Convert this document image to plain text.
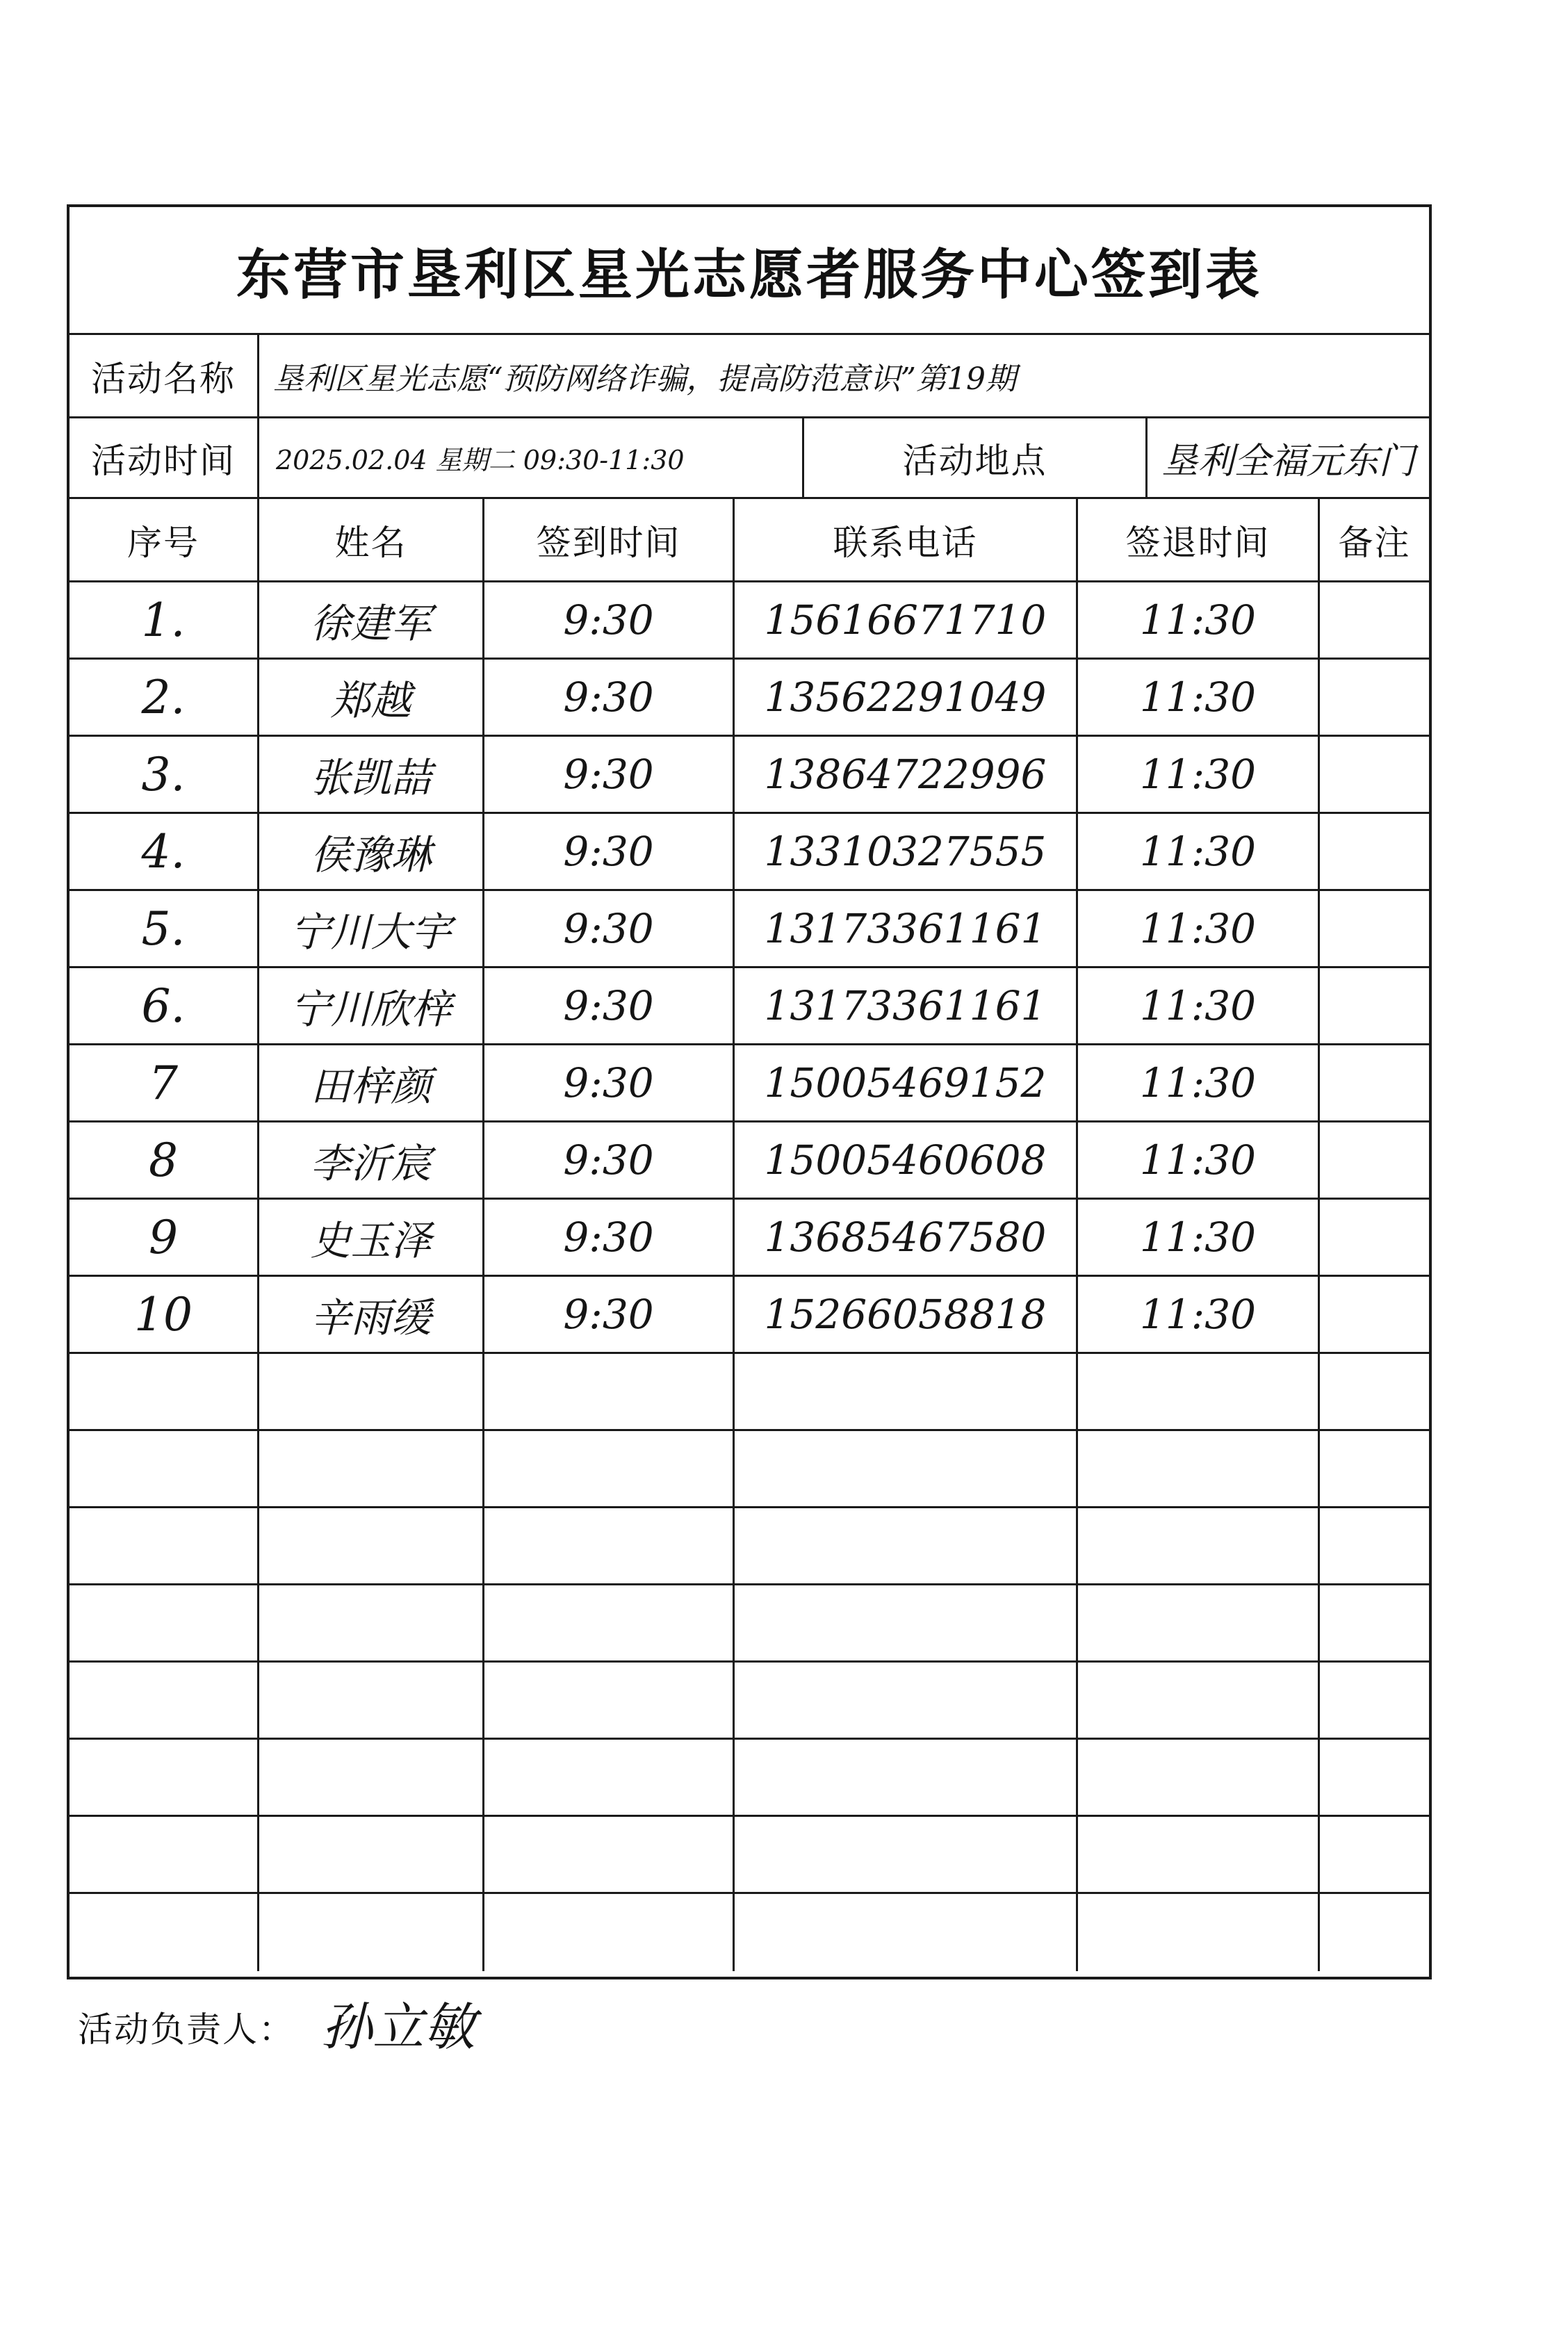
东营市垦利区星光志愿者服务中心签到表
活动名称	垦利区星光志愿“预防网络诈骗，提高防范意识”第19期
活动时间	2025.02.04 星期二 09:30-11:30	活动地点	垦利全福元东门
序号	姓名	签到时间	联系电话	签退时间	备注
1.	徐建军	9:30	15616671710	11:30
2.	郑越	9:30	13562291049	11:30
3.	张凯喆	9:30	13864722996	11:30
4.	侯豫琳	9:30	13310327555	11:30
5.	宁川大宇	9:30	13173361161	11:30
6.	宁川欣梓	9:30	13173361161	11:30
7	田梓颜	9:30	15005469152	11:30
8	李沂宸	9:30	15005460608	11:30
9	史玉泽	9:30	13685467580	11:30
10	辛雨缓	9:30	15266058818	11:30
活动负责人： 孙立敏
